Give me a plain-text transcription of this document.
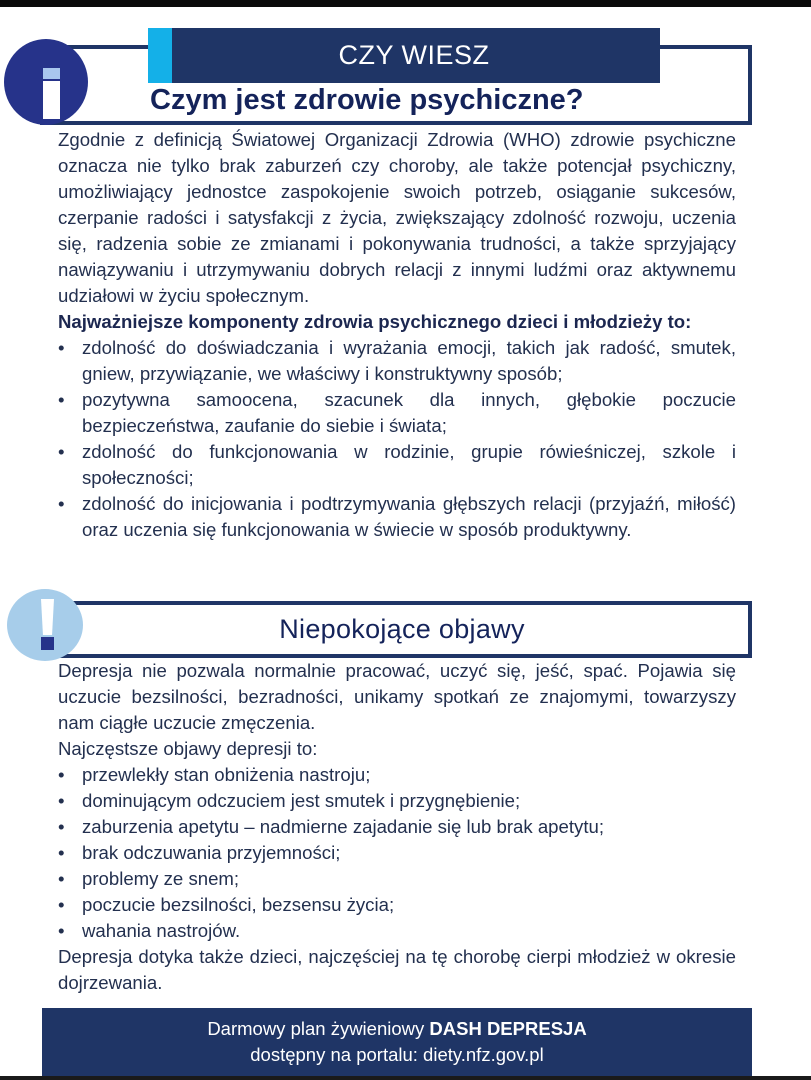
CZY WIESZ
Czym jest zdrowie psychiczne?
Zgodnie z definicją Światowej Organizacji Zdrowia (WHO) zdrowie psychiczne oznacza nie tylko brak zaburzeń czy choroby, ale także potencjał psychiczny, umożliwiający jednostce zaspokojenie swoich potrzeb, osiąganie sukcesów, czerpanie radości i satysfakcji z życia, zwiększający zdolność rozwoju, uczenia się, radzenia sobie ze zmianami i pokonywania trudności, a także sprzyjający nawiązywaniu i utrzymywaniu dobrych relacji z innymi ludźmi oraz aktywnemu udziałowi w życiu społecznym.
Najważniejsze komponenty zdrowia psychicznego dzieci i młodzieży to:
• zdolność do doświadczania i wyrażania emocji, takich jak radość, smutek, gniew, przywiązanie, we właściwy i konstruktywny sposób;
• pozytywna samoocena, szacunek dla innych, głębokie poczucie bezpieczeństwa, zaufanie do siebie i świata;
• zdolność do funkcjonowania w rodzinie, grupie rówieśniczej, szkole i społeczności;
• zdolność do inicjowania i podtrzymywania głębszych relacji (przyjaźń, miłość) oraz uczenia się funkcjonowania w świecie w sposób produktywny.
Niepokojące objawy
Depresja nie pozwala normalnie pracować, uczyć się, jeść, spać. Pojawia się uczucie bezsilności, bezradności, unikamy spotkań ze znajomymi, towarzyszy nam ciągłe uczucie zmęczenia.
Najczęstsze objawy depresji to:
• przewlekły stan obniżenia nastroju;
• dominującym odczuciem jest smutek i przygnębienie;
• zaburzenia apetytu – nadmierne zajadanie się lub brak apetytu;
• brak odczuwania przyjemności;
• problemy ze snem;
• poczucie bezsilności, bezsensu życia;
• wahania nastrojów.
Depresja dotyka także dzieci, najczęściej na tę chorobę cierpi młodzież w okresie dojrzewania.
Darmowy plan żywieniowy DASH DEPRESJA
dostępny na portalu: diety.nfz.gov.pl
